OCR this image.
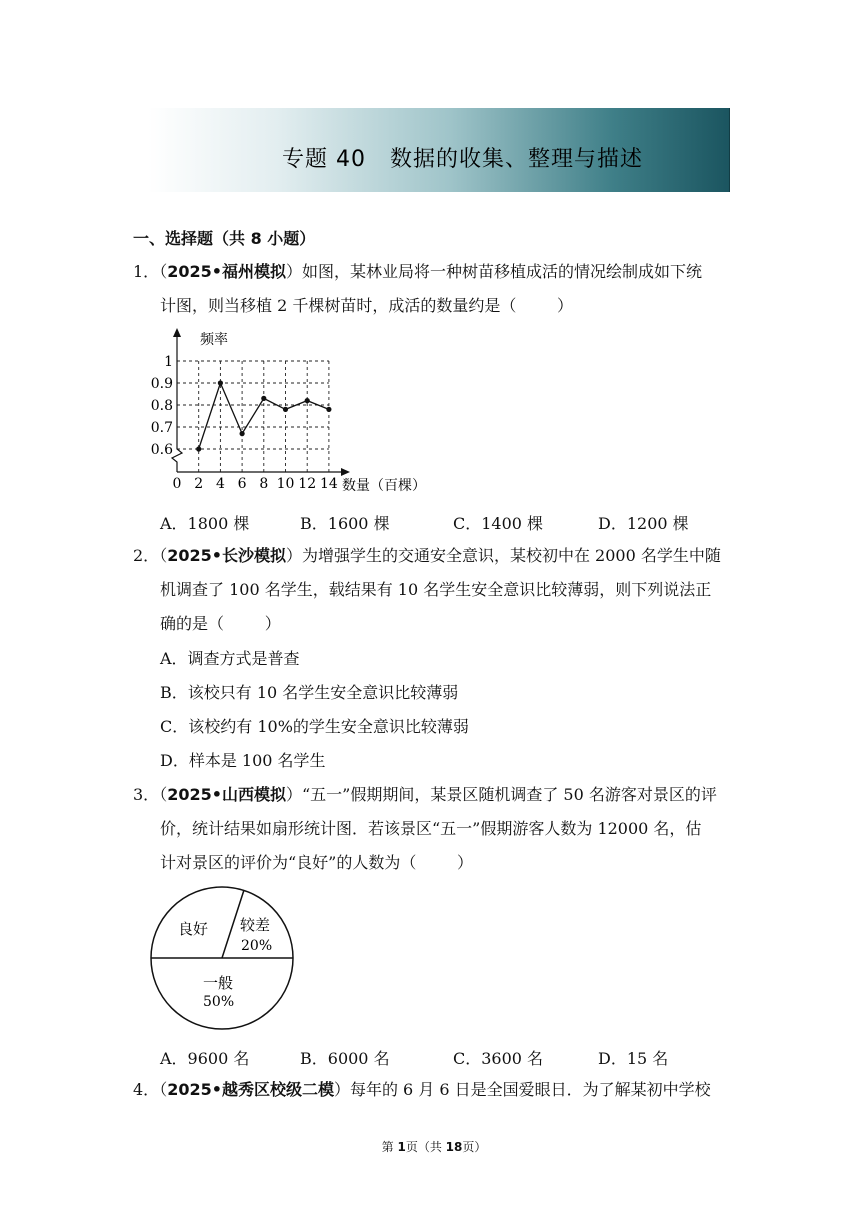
专题 40   数据的收集、整理与描述
一、选择题（共 8 小题）
1．（2025•福州模拟）如图，某林业局将一种树苗移植成活的情况绘制成如下统
计图，则当移植 2 千棵树苗时，成活的数量约是（        ）
频率
数量（百棵）
0.6
0.7
0.8
0.9
1
0 2 4 6 8 10 12 14
A．1800 棵	B．1600 棵	C．1400 棵	D．1200 棵
2．（2025•长沙模拟）为增强学生的交通安全意识，某校初中在 2000 名学生中随
机调查了 100 名学生，载结果有 10 名学生安全意识比较薄弱，则下列说法正
确的是（        ）
A．调查方式是普查
B．该校只有 10 名学生安全意识比较薄弱
C．该校约有 10%的学生安全意识比较薄弱
D．样本是 100 名学生
3．（2025•山西模拟）“五一”假期期间，某景区随机调查了 50 名游客对景区的评
价，统计结果如扇形统计图．若该景区“五一”假期游客人数为 12000 名，估
计对景区的评价为“良好”的人数为（        ）
良好 较差
20%
一般
50%
A．9600 名	B．6000 名	C．3600 名	D．15 名
4．（2025•越秀区校级二模）每年的 6 月 6 日是全国爱眼日．为了解某初中学校
第 1页（共 18页）
